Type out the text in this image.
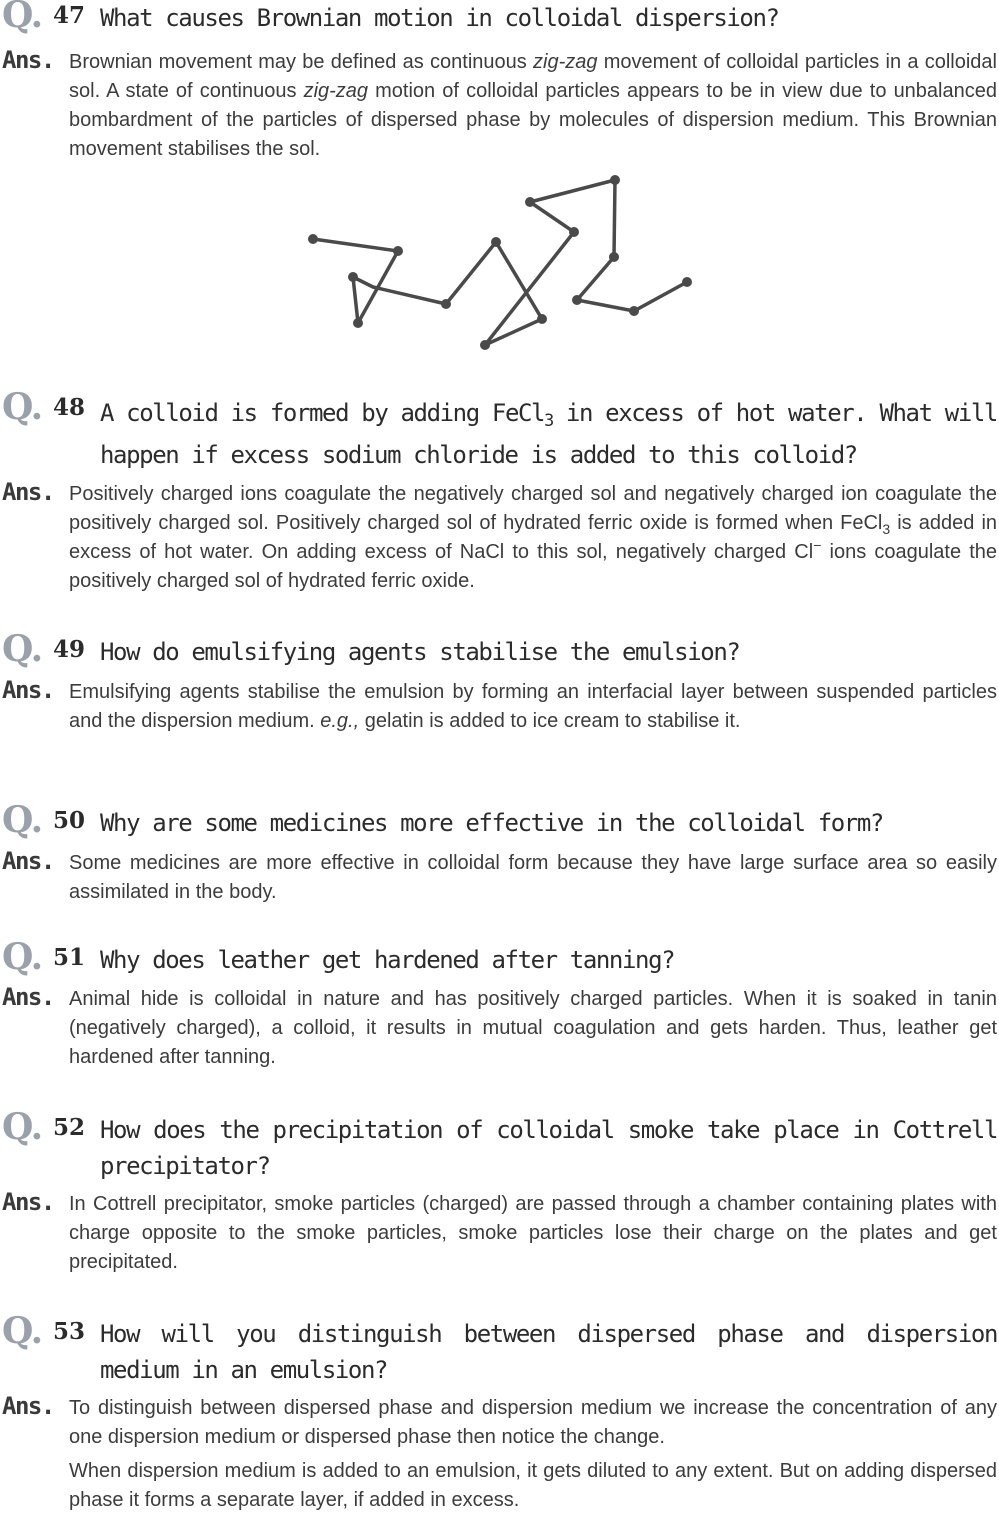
Q. 47 What causes Brownian motion in colloidal dispersion?
Ans. Brownian movement may be defined as continuous zig-zag movement of colloidal particles in a colloidal sol. A state of continuous zig-zag motion of colloidal particles appears to be in view due to unbalanced bombardment of the particles of dispersed phase by molecules of dispersion medium. This Brownian movement stabilises the sol.
Q. 48 A colloid is formed by adding FeCl$_3$ in excess of hot water. What will happen if excess sodium chloride is added to this colloid?
Ans. Positively charged ions coagulate the negatively charged sol and negatively charged ion coagulate the positively charged sol. Positively charged sol of hydrated ferric oxide is formed when FeCl$_3$ is added in excess of hot water. On adding excess of NaCl to this sol, negatively charged Cl− ions coagulate the positively charged sol of hydrated ferric oxide.
Q. 49 How do emulsifying agents stabilise the emulsion?
Ans. Emulsifying agents stabilise the emulsion by forming an interfacial layer between suspended particles and the dispersion medium. e.g., gelatin is added to ice cream to stabilise it.
Q. 50 Why are some medicines more effective in the colloidal form?
Ans. Some medicines are more effective in colloidal form because they have large surface area so easily assimilated in the body.
Q. 51 Why does leather get hardened after tanning?
Ans. Animal hide is colloidal in nature and has positively charged particles. When it is soaked in tanin (negatively charged), a colloid, it results in mutual coagulation and gets harden. Thus, leather get hardened after tanning.
Q. 52 How does the precipitation of colloidal smoke take place in Cottrell precipitator?
Ans. In Cottrell precipitator, smoke particles (charged) are passed through a chamber containing plates with charge opposite to the smoke particles, smoke particles lose their charge on the plates and get precipitated.
Q. 53 How will you distinguish between dispersed phase and dispersion medium in an emulsion?
Ans. To distinguish between dispersed phase and dispersion medium we increase the concentration of any one dispersion medium or dispersed phase then notice the change.

When dispersion medium is added to an emulsion, it gets diluted to any extent. But on adding dispersed phase it forms a separate layer, if added in excess.
